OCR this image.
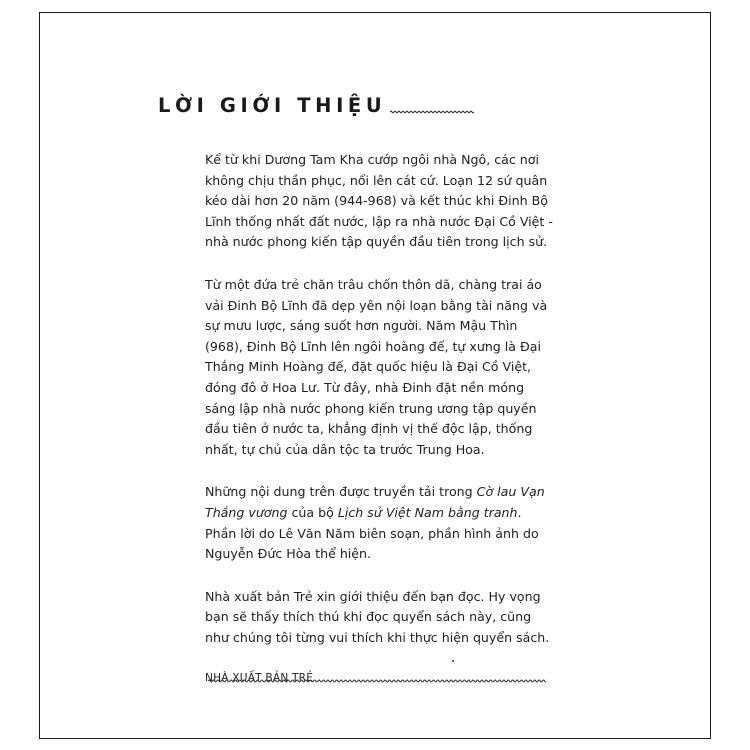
LỜI GIỚI THIỆU

Kể từ khi Dương Tam Kha cướp ngôi nhà Ngô, các nơi không chịu thần phục, nổi lên cát cứ. Loạn 12 sứ quân kéo dài hơn 20 năm (944-968) và kết thúc khi Đinh Bộ Lĩnh thống nhất đất nước, lập ra nhà nước Đại Cồ Việt - nhà nước phong kiến tập quyền đầu tiên trong lịch sử.

Từ một đứa trẻ chăn trâu chốn thôn dã, chàng trai áo vải Đinh Bộ Lĩnh đã dẹp yên nội loạn bằng tài năng và sự mưu lược, sáng suốt hơn người. Năm Mậu Thìn (968), Đinh Bộ Lĩnh lên ngôi hoàng đế, tự xưng là Đại Thắng Minh Hoàng đế, đặt quốc hiệu là Đại Cồ Việt, đóng đô ở Hoa Lư. Từ đây, nhà Đinh đặt nền móng sáng lập nhà nước phong kiến trung ương tập quyền đầu tiên ở nước ta, khẳng định vị thế độc lập, thống nhất, tự chủ của dân tộc ta trước Trung Hoa.

Những nội dung trên được truyền tải trong Cờ lau Vạn Thắng vương của bộ Lịch sử Việt Nam bằng tranh. Phần lời do Lê Văn Năm biên soạn, phần hình ảnh do Nguyễn Đức Hòa thể hiện.

Nhà xuất bản Trẻ xin giới thiệu đến bạn đọc. Hy vọng bạn sẽ thấy thích thú khi đọc quyển sách này, cũng như chúng tôi từng vui thích khi thực hiện quyển sách.

NHÀ XUẤT BẢN TRẺ
